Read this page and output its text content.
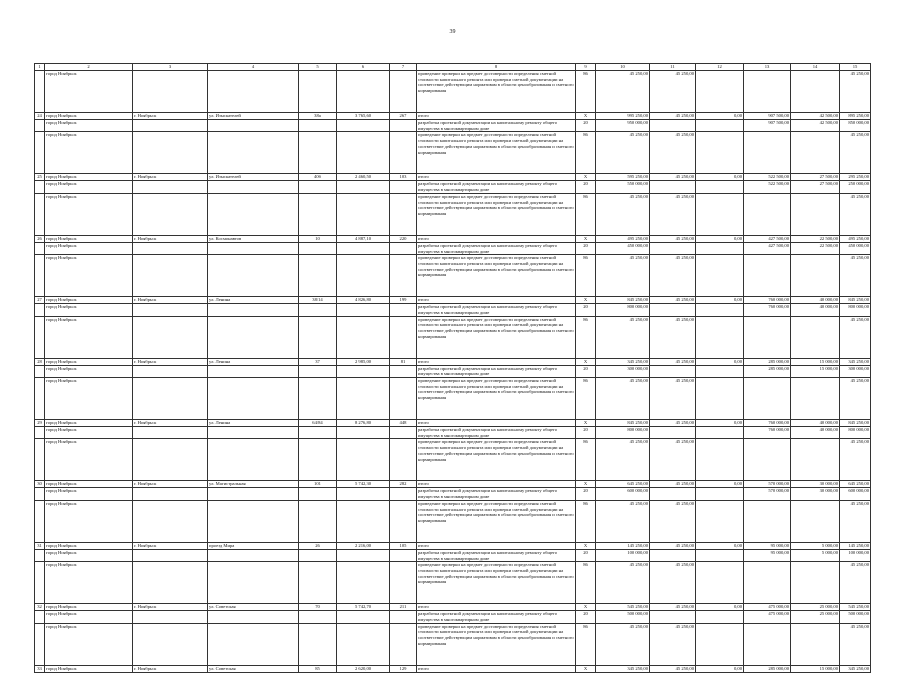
39
1	2	3	4	5	6	7	8	9	10	11	12	13	14	15
	город Ноябрьск						проведение проверки на предмет достоверности определения сметной стоимости капитального ремонта или проверки сметной документации на соответствие действующим нормативам в области ценообразования и сметного нормирования	86	45 250,00	45 250,00				45 250,00
24	город Ноябрьск	г. Ноябрьск	ул. Изыскателей	38а	3 765,60	267	итого	X	995 250,00	45 250,00	0,00	907 500,00	42 500,00	895 250,00
	город Ноябрьск						разработка проектной документации на капитальному ремонту общего имущества в многоквартирном доме	20	950 000,00			907 500,00	42 500,00	850 000,00
	город Ноябрьск						проведение проверки на предмет достоверности определения сметной стоимости капитального ремонта или проверки сметной документации на соответствие действующим нормативам в области ценообразования и сметного нормирования	86	45 250,00	45 250,00				45 250,00
25	город Ноябрьск	г. Ноябрьск	ул. Изыскателей	40б	2 460,50	103	итого	X	595 250,00	45 250,00	0,00	522 500,00	27 500,00	295 250,00
	город Ноябрьск						разработка проектной документации на капитальному ремонту общего имущества в многоквартирном доме	20	550 000,00			522 500,00	27 500,00	250 000,00
	город Ноябрьск						проведение проверки на предмет достоверности определения сметной стоимости капитального ремонта или проверки сметной документации на соответствие действующим нормативам в области ценообразования и сметного нормирования	86	45 250,00	45 250,00				45 250,00
26	город Ноябрьск	г. Ноябрьск	ул. Космонавтов	10	4 887,10	220	итого	X	495 250,00	45 250,00	0,00	427 500,00	22 500,00	495 250,00
	город Ноябрьск						разработка проектной документации на капитальному ремонту общего имущества в многоквартирном доме	20	450 000,00			427 500,00	22 500,00	450 000,00
	город Ноябрьск						проведение проверки на предмет достоверности определения сметной стоимости капитального ремонта или проверки сметной документации на соответствие действующим нормативам в области ценообразования и сметного нормирования	86	45 250,00	45 250,00				45 250,00
27	город Ноябрьск	г. Ноябрьск	ул. Ленина	38/14	4 826,80	199	итого	X	845 250,00	45 250,00	0,00	760 000,00	40 000,00	845 250,00
	город Ноябрьск						разработка проектной документации на капитальному ремонту общего имущества в многоквартирном доме	20	800 000,00			760 000,00	40 000,00	800 000,00
	город Ноябрьск						проведение проверки на предмет достоверности определения сметной стоимости капитального ремонта или проверки сметной документации на соответствие действующим нормативам в области ценообразования и сметного нормирования	86	45 250,00	45 250,00				45 250,00
28	город Ноябрьск	г. Ноябрьск	ул. Ленина	37	2 985,00	81	итого	X	345 250,00	45 250,00	0,00	285 000,00	15 000,00	345 250,00
	город Ноябрьск						разработка проектной документации на капитальному ремонту общего имущества в многоквартирном доме	20	300 000,00			285 000,00	15 000,00	300 000,00
	город Ноябрьск						проведение проверки на предмет достоверности определения сметной стоимости капитального ремонта или проверки сметной документации на соответствие действующим нормативам в области ценообразования и сметного нормирования	86	45 250,00	45 250,00				45 250,00
29	город Ноябрьск	г. Ноябрьск	ул. Ленина	64/84	8 276,80	448	итого	X	845 250,00	45 250,00	0,00	760 000,00	40 000,00	845 250,00
	город Ноябрьск						разработка проектной документации на капитальному ремонту общего имущества в многоквартирном доме	20	800 000,00			760 000,00	40 000,00	800 000,00
	город Ноябрьск						проведение проверки на предмет достоверности определения сметной стоимости капитального ремонта или проверки сметной документации на соответствие действующим нормативам в области ценообразования и сметного нормирования	86	45 250,00	45 250,00				45 250,00
30	город Ноябрьск	г. Ноябрьск	ул. Магистральная	101	5 742,30	282	итого	X	645 250,00	45 250,00	0,00	570 000,00	30 000,00	645 250,00
	город Ноябрьск						разработка проектной документации на капитальному ремонту общего имущества в многоквартирном доме	20	600 000,00			570 000,00	30 000,00	600 000,00
	город Ноябрьск						проведение проверки на предмет достоверности определения сметной стоимости капитального ремонта или проверки сметной документации на соответствие действующим нормативам в области ценообразования и сметного нормирования	86	45 250,00	45 250,00				45 250,00
31	город Ноябрьск	г. Ноябрьск	проезд Мира	26	2 216,00	105	итого	X	145 250,00	45 250,00	0,00	95 000,00	5 000,00	145 250,00
	город Ноябрьск						разработка проектной документации на капитальному ремонту общего имущества в многоквартирном доме	20	100 000,00			95 000,00	5 000,00	100 000,00
	город Ноябрьск						проведение проверки на предмет достоверности определения сметной стоимости капитального ремонта или проверки сметной документации на соответствие действующим нормативам в области ценообразования и сметного нормирования	86	45 250,00	45 250,00				45 250,00
32	город Ноябрьск	г. Ноябрьск	ул. Советская	70	5 742,70	211	итого	X	545 250,00	45 250,00	0,00	475 000,00	25 000,00	545 250,00
	город Ноябрьск						разработка проектной документации на капитальному ремонту общего имущества в многоквартирном доме	20	500 000,00			475 000,00	25 000,00	500 000,00
	город Ноябрьск						проведение проверки на предмет достоверности определения сметной стоимости капитального ремонта или проверки сметной документации на соответствие действующим нормативам в области ценообразования и сметного нормирования	86	45 250,00	45 250,00				45 250,00
33	город Ноябрьск	г. Ноябрьск	ул. Советская	85	2 620,00	129	итого	X	345 250,00	45 250,00	0,00	285 000,00	15 000,00	345 250,00
